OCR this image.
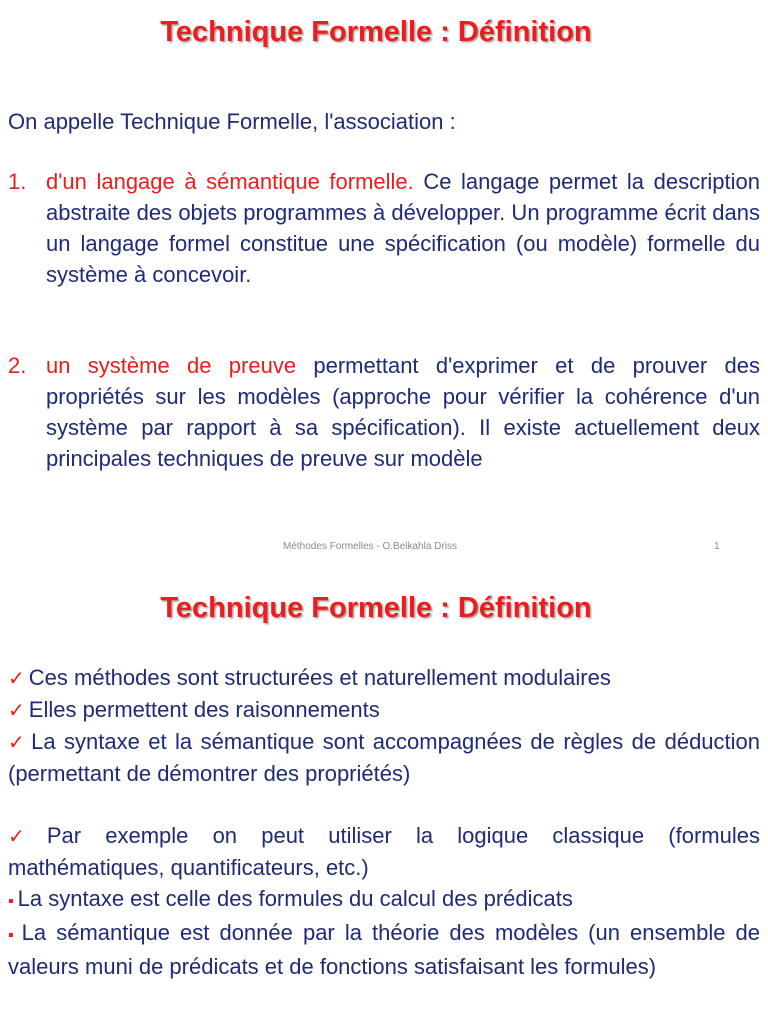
Technique Formelle : Définition
On appelle Technique Formelle, l'association :
1. d'un langage à sémantique formelle. Ce langage permet la description abstraite des objets programmes à développer. Un programme écrit dans un langage formel constitue une spécification (ou modèle) formelle du système à concevoir.
2. un système de preuve permettant d'exprimer et de prouver des propriétés sur les modèles (approche pour vérifier la cohérence d'un système par rapport à sa spécification). Il existe actuellement deux principales techniques de preuve sur modèle
Méthodes Formelles - O.Belkahla Driss	1
Technique Formelle : Définition
✓ Ces méthodes sont structurées et naturellement modulaires
✓ Elles permettent des raisonnements
✓ La syntaxe et la sémantique sont accompagnées de règles de déduction (permettant de démontrer des propriétés)
✓ Par exemple on peut utiliser la logique classique (formules mathématiques, quantificateurs, etc.)
▪ La syntaxe est celle des formules du calcul des prédicats
▪ La sémantique est donnée par la théorie des modèles (un ensemble de valeurs muni de prédicats et de fonctions satisfaisant les formules)
